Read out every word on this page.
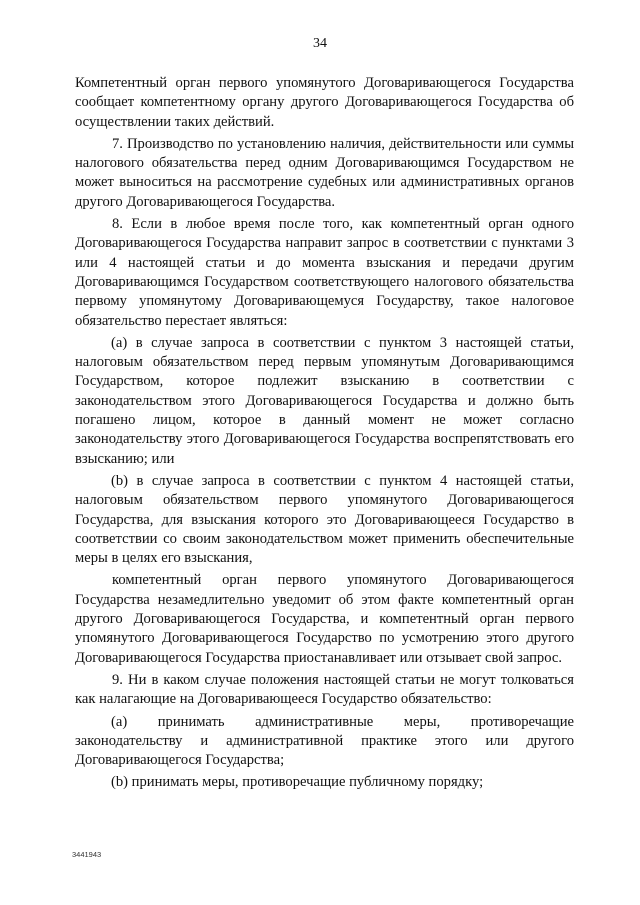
34

Компетентный орган первого упомянутого Договаривающегося Государства сообщает компетентному органу другого Договаривающегося Государства об осуществлении таких действий.

7. Производство по установлению наличия, действительности или суммы налогового обязательства перед одним Договаривающимся Государством не может выноситься на рассмотрение судебных или административных органов другого Договаривающегося Государства.

8. Если в любое время после того, как компетентный орган одного Договаривающегося Государства направит запрос в соответствии с пунктами 3 или 4 настоящей статьи и до момента взыскания и передачи другим Договаривающимся Государством соответствующего налогового обязательства первому упомянутому Договаривающемуся Государству, такое налоговое обязательство перестает являться:

(a) в случае запроса в соответствии с пунктом 3 настоящей статьи, налоговым обязательством перед первым упомянутым Договаривающимся Государством, которое подлежит взысканию в соответствии с законодательством этого Договаривающегося Государства и должно быть погашено лицом, которое в данный момент не может согласно законодательству этого Договаривающегося Государства воспрепятствовать его взысканию; или

(b) в случае запроса в соответствии с пунктом 4 настоящей статьи, налоговым обязательством первого упомянутого Договаривающегося Государства, для взыскания которого это Договаривающееся Государство в соответствии со своим законодательством может применить обеспечительные меры в целях его взыскания,

компетентный орган первого упомянутого Договаривающегося Государства незамедлительно уведомит об этом факте компетентный орган другого Договаривающегося Государства, и компетентный орган первого упомянутого Договаривающегося Государство по усмотрению этого другого Договаривающегося Государства приостанавливает или отзывает свой запрос.

9. Ни в каком случае положения настоящей статьи не могут толковаться как налагающие на Договаривающееся Государство обязательство:

(a) принимать административные меры, противоречащие законодательству и административной практике этого или другого Договаривающегося Государства;

(b) принимать меры, противоречащие публичному порядку;

3441943
